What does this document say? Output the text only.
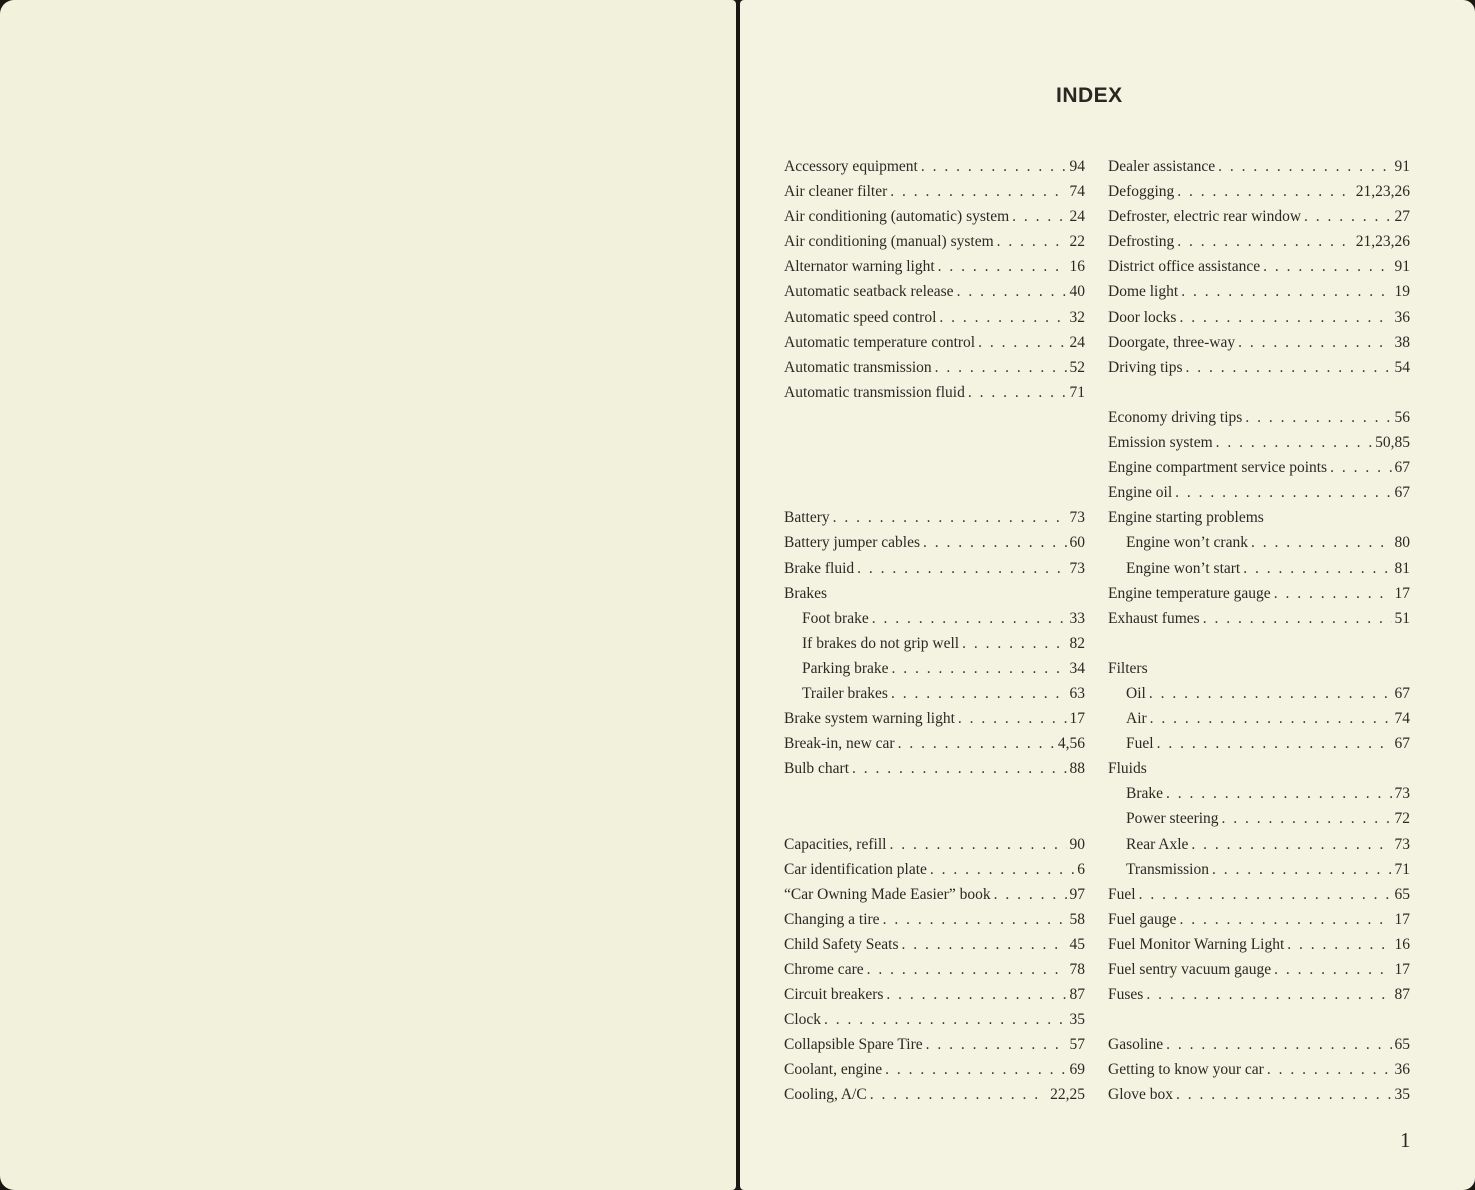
INDEX
Accessory equipment . . .	94
Air cleaner filter . . .	74
Air conditioning (automatic) system . . .	24
Air conditioning (manual) system . . .	22
Alternator warning light . . .	16
Automatic seatback release . . .	40
Automatic speed control . . .	32
Automatic temperature control . . .	24
Automatic transmission . . .	52
Automatic transmission fluid . . .	71
Battery . . .	73
Battery jumper cables . . .	60
Brake fluid . . .	73
Brakes
Foot brake . . .	33
If brakes do not grip well . . .	82
Parking brake . . .	34
Trailer brakes . . .	63
Brake system warning light . . .	17
Break-in, new car . . .	4,56
Bulb chart . . .	88
Capacities, refill . . .	90
Car identification plate . . .	6
“Car Owning Made Easier” book . . .	97
Changing a tire . . .	58
Child Safety Seats . . .	45
Chrome care . . .	78
Circuit breakers . . .	87
Clock . . .	35
Collapsible Spare Tire . . .	57
Coolant, engine . . .	69
Cooling, A/C . . .	22,25
Dealer assistance . . .	91
Defogging . . .	21,23,26
Defroster, electric rear window . . .	27
Defrosting . . .	21,23,26
District office assistance . . .	91
Dome light . . .	19
Door locks . . .	36
Doorgate, three-way . . .	38
Driving tips . . .	54
Economy driving tips . . .	56
Emission system . . .	50,85
Engine compartment service points . . .	67
Engine oil . . .	67
Engine starting problems
Engine won’t crank . . .	80
Engine won’t start . . .	81
Engine temperature gauge . . .	17
Exhaust fumes . . .	51
Filters
Oil . . .	67
Air . . .	74
Fuel . . .	67
Fluids
Brake . . .	73
Power steering . . .	72
Rear Axle . . .	73
Transmission . . .	71
Fuel . . .	65
Fuel gauge . . .	17
Fuel Monitor Warning Light . . .	16
Fuel sentry vacuum gauge . . .	17
Fuses . . .	87
Gasoline . . .	65
Getting to know your car . . .	36
Glove box . . .	35
1
